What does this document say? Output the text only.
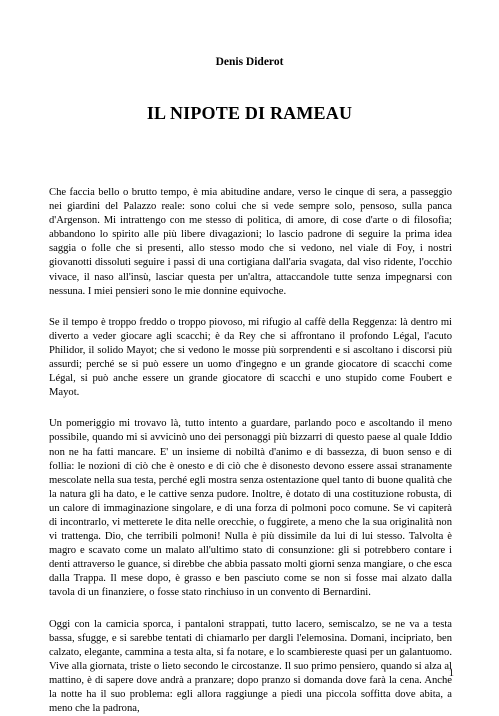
Denis Diderot
IL NIPOTE DI RAMEAU

Che faccia bello o brutto tempo, è mia abitudine andare, verso le cinque di sera, a passeggio nei giardini del Palazzo reale: sono colui che si vede sempre solo, pensoso, sulla panca d'Argenson. Mi intrattengo con me stesso di politica, di amore, di cose d'arte o di filosofia; abbandono lo spirito alle più libere divagazioni; lo lascio padrone di seguire la prima idea saggia o folle che si presenti, allo stesso modo che si vedono, nel viale di Foy, i nostri giovanotti dissoluti seguire i passi di una cortigiana dall'aria svagata, dal viso ridente, l'occhio vivace, il naso all'insù, lasciar questa per un'altra, attaccandole tutte senza impegnarsi con nessuna. I miei pensieri sono le mie donnine equivoche.

Se il tempo è troppo freddo o troppo piovoso, mi rifugio al caffè della Reggenza: là dentro mi diverto a veder giocare agli scacchi; è da Rey che si affrontano il profondo Légal, l'acuto Philidor, il solido Mayot; che si vedono le mosse più sorprendenti e si ascoltano i discorsi più assurdi; perché se si può essere un uomo d'ingegno e un grande giocatore di scacchi come Légal, si può anche essere un grande giocatore di scacchi e uno stupido come Foubert e Mayot.

Un pomeriggio mi trovavo là, tutto intento a guardare, parlando poco e ascoltando il meno possibile, quando mi si avvicinò uno dei personaggi più bizzarri di questo paese al quale Iddio non ne ha fatti mancare. E' un insieme di nobiltà d'animo e di bassezza, di buon senso e di follia: le nozioni di ciò che è onesto e di ciò che è disonesto devono essere assai stranamente mescolate nella sua testa, perché egli mostra senza ostentazione quel tanto di buone qualità che la natura gli ha dato, e le cattive senza pudore. Inoltre, è dotato di una costituzione robusta, di un calore di immaginazione singolare, e di una forza di polmoni poco comune. Se vi capiterà di incontrarlo, vi metterete le dita nelle orecchie, o fuggirete, a meno che la sua originalità non vi trattenga. Dio, che terribili polmoni! Nulla è più dissimile da lui di lui stesso. Talvolta è magro e scavato come un malato all'ultimo stato di consunzione: gli si potrebbero contare i denti attraverso le guance, si direbbe che abbia passato molti giorni senza mangiare, o che esca dalla Trappa. Il mese dopo, è grasso e ben pasciuto come se non si fosse mai alzato dalla tavola di un finanziere, o fosse stato rinchiuso in un convento di Bernardini.

Oggi con la camicia sporca, i pantaloni strappati, tutto lacero, semiscalzo, se ne va a testa bassa, sfugge, e si sarebbe tentati di chiamarlo per dargli l'elemosina. Domani, incipriato, ben calzato, elegante, cammina a testa alta, si fa notare, e lo scambiereste quasi per un galantuomo. Vive alla giornata, triste o lieto secondo le circostanze. Il suo primo pensiero, quando si alza al mattino, è di sapere dove andrà a pranzare; dopo pranzo si domanda dove farà la cena. Anche la notte ha il suo problema: egli allora raggiunge a piedi una piccola soffitta dove abita, a meno che la padrona,

1
